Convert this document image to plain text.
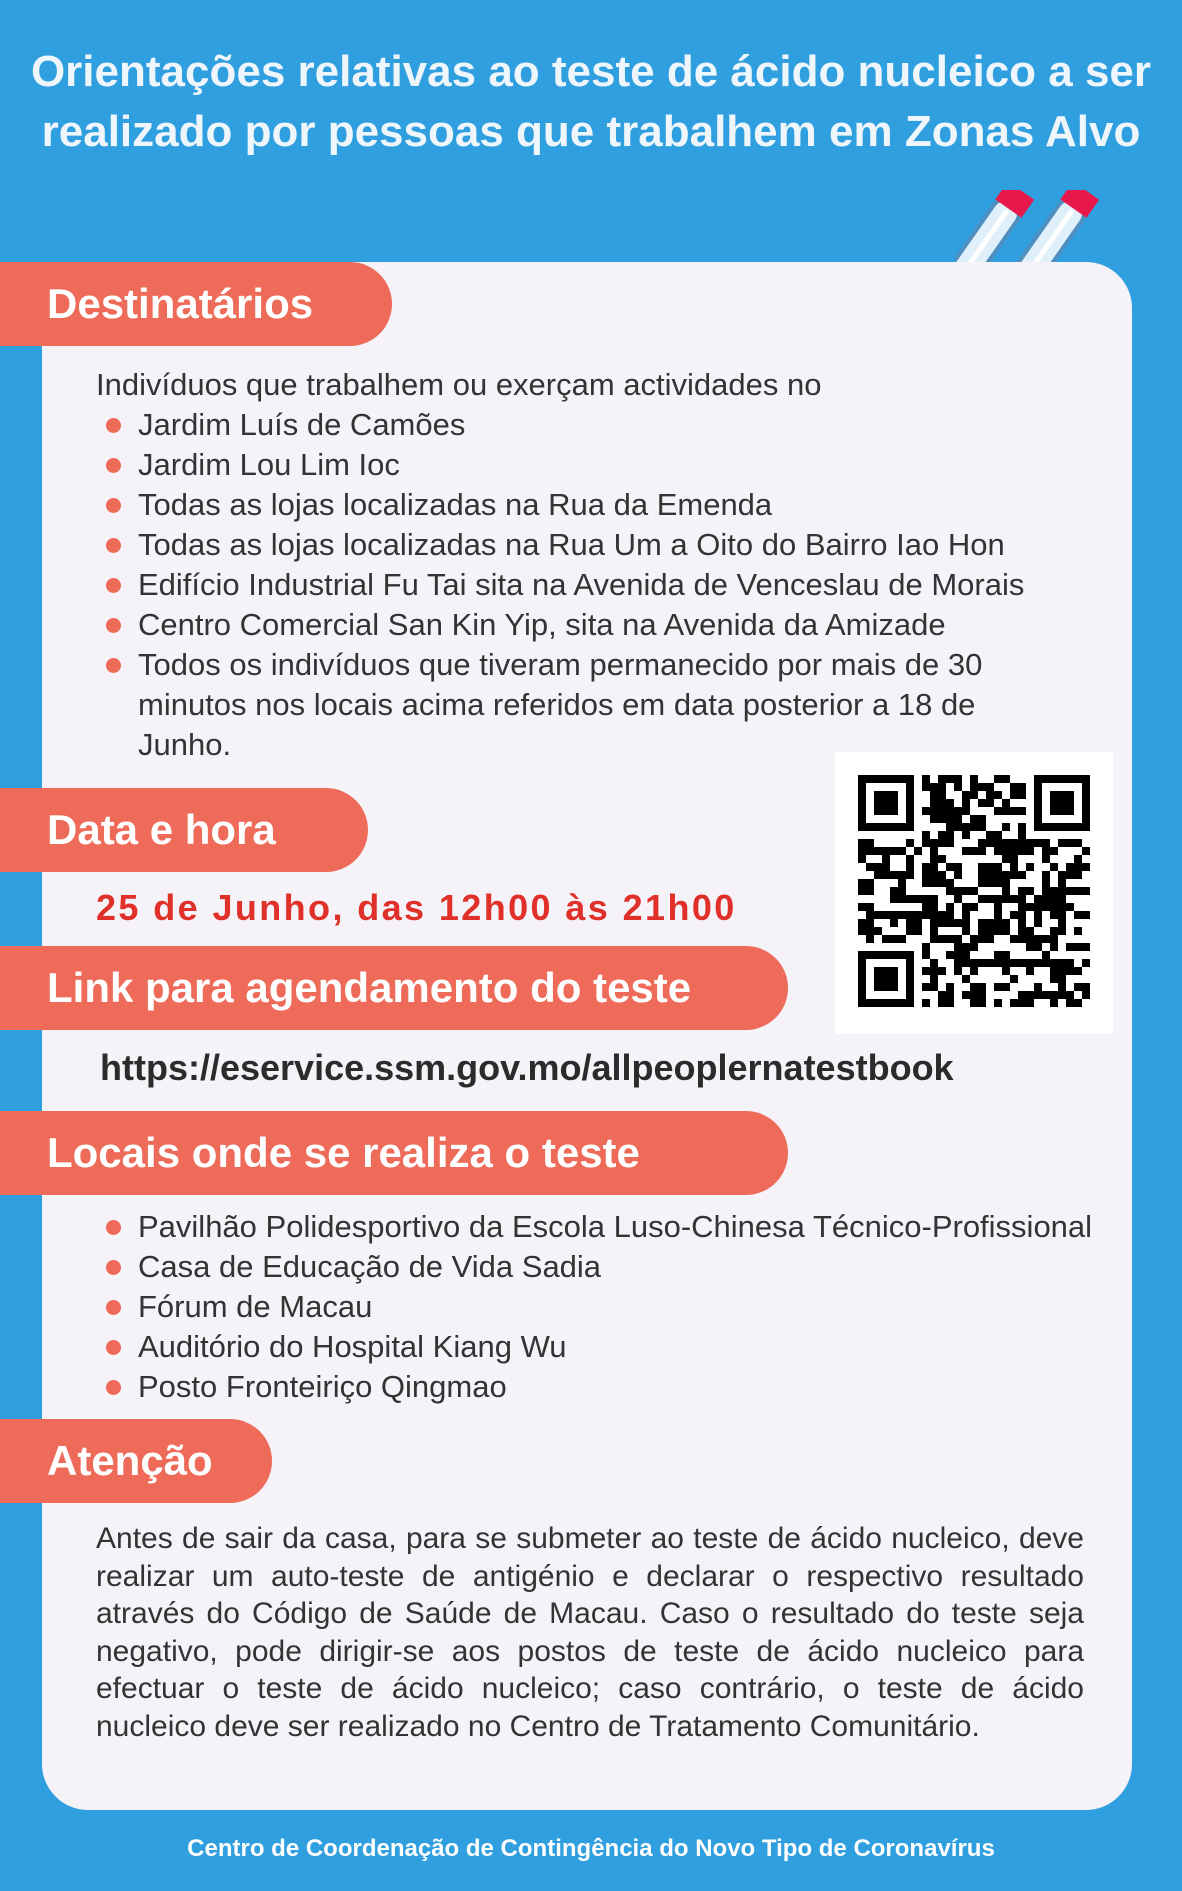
Orientações relativas ao teste de ácido nucleico a ser realizado por pessoas que trabalhem em Zonas Alvo
Destinatários
Indivíduos que trabalhem ou exerçam actividades no
Jardim Luís de Camões
Jardim Lou Lim Ioc
Todas as lojas localizadas na Rua da Emenda
Todas as lojas localizadas na Rua Um a Oito do Bairro Iao Hon
Edifício Industrial Fu Tai sita na Avenida de Venceslau de Morais
Centro Comercial San Kin Yip, sita na Avenida da Amizade
Todos os indivíduos que tiveram permanecido por mais de 30 minutos nos locais acima referidos em data posterior a 18 de Junho.
Data e hora
25 de Junho, das 12h00 às 21h00
Link para agendamento do teste
https://eservice.ssm.gov.mo/allpeoplernatestbook
Locais onde se realiza o teste
Pavilhão Polidesportivo da Escola Luso-Chinesa Técnico-Profissional
Casa de Educação de Vida Sadia
Fórum de Macau
Auditório do Hospital Kiang Wu
Posto Fronteiriço Qingmao
Atenção
Antes de sair da casa, para se submeter ao teste de ácido nucleico, deve realizar um auto-teste de antigénio e declarar o respectivo resultado através do Código de Saúde de Macau. Caso o resultado do teste seja negativo, pode dirigir-se aos postos de teste de ácido nucleico para efectuar o teste de ácido nucleico; caso contrário, o teste de ácido nucleico deve ser realizado no Centro de Tratamento Comunitário.
Centro de Coordenação de Contingência do Novo Tipo de Coronavírus
